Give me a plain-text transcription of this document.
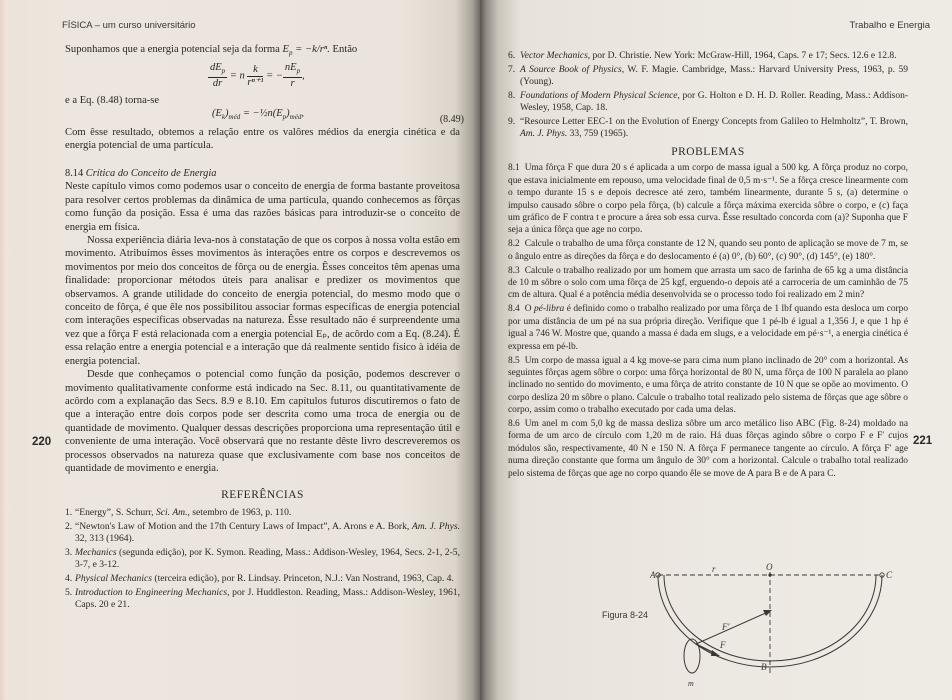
FÍSICA – um curso universitário
220
Suponhamos que a energia potencial seja da forma $E_p = -k/r^n$. Então
$\frac{dE_p}{dr} = n \frac{k}{\text{rⁿ⁺¹}}$ = − $\frac{nE_p}{r}$ ,
e a Eq. (8.48) torna-se
$(E_k)_{méd}$ = $-\frac{1}{2}n(E_p)_{méd}$,
(8.49)
Com êsse resultado, obtemos a relação entre os valôres médios da energia cinética e da energia potencial de uma partícula.
8.14 Crítica do Conceito de Energia

Neste capítulo vimos como podemos usar o conceito de energia de forma bastante proveitosa para resolver certos problemas da dinâmica de uma partícula, quando conhecemos as fôrças como função da posição. Essa é uma das razões básicas para introduzir-se o conceito de energia em física.

Nossa experiência diária leva-nos à constatação de que os corpos à nossa volta estão em movimento. Atribuímos êsses movimentos às interações entre os corpos e descrevemos os movimentos por meio dos conceitos de fôrça ou de energia. Êsses conceitos têm apenas uma finalidade: proporcionar métodos úteis para analisar e predizer os movimentos que observamos. A grande utilidade do conceito de energia potencial, do mesmo modo que o conceito de fôrça, é que êle nos possibilitou associar formas específicas de energia potencial com interações específicas observadas na natureza. Êsse resultado não é surpreendente uma vez que a fôrça F está relacionada com a energia potencial Eₚ, de acôrdo com a Eq. (8.24). É essa relação entre a energia potencial e a interação que dá realmente sentido físico à idéia de energia potencial.

Desde que conheçamos o potencial como função da posição, podemos descrever o movimento qualitativamente conforme está indicado na Sec. 8.11, ou quantitativamente de acôrdo com a explanação das Secs. 8.9 e 8.10. Em capítulos futuros discutiremos o fato de que a interação entre dois corpos pode ser descrita como uma troca de energia ou de quantidade de movimento. Qualquer dessas descrições proporciona uma representação útil e conveniente de uma interação. Você observará que no restante dêste livro descreveremos os processos observados na natureza quase que exclusivamente com base nos conceitos de quantidade de movimento e energia.

REFERÊNCIAS
1. “Energy”, S. Schurr, Sci. Am., setembro de 1963, p. 110.
2. “Newton's Law of Motion and the 17th Century Laws of Impact”, A. Arons e A. Bork, Am. J. Phys. 32, 313 (1964).
3. Mechanics (segunda edição), por K. Symon. Reading, Mass.: Addison-Wesley, 1964, Secs. 2-1, 2-5, 3-7, e 3-12.
4. Physical Mechanics (terceira edição), por R. Lindsay. Princeton, N.J.: Van Nostrand, 1963, Cap. 4.
5. Introduction to Engineering Mechanics, por J. Huddleston. Reading, Mass.: Addison-Wesley, 1961, Caps. 20 e 21.
Trabalho e Energia
221
6. Vector Mechanics, por D. Christie. New York: McGraw-Hill, 1964, Caps. 7 e 17; Secs. 12.6 e 12.8.
7. A Source Book of Physics, W. F. Magie. Cambridge, Mass.: Harvard University Press, 1963, p. 59 (Young).
8. Foundations of Modern Physical Science, por G. Holton e D. H. D. Roller. Reading, Mass.: Addison-Wesley, 1958, Cap. 18.
9. “Resource Letter EEC-1 on the Evolution of Energy Concepts from Galileo to Helmholtz”, T. Brown, Am. J. Phys. 33, 759 (1965).
PROBLEMAS

8.1 Uma fôrça F que dura 20 s é aplicada a um corpo de massa igual a 500 kg. A fôrça produz no corpo, que estava inicialmente em repouso, uma velocidade final de 0,5 m·s⁻¹. Se a fôrça cresce linearmente com o tempo durante 15 s e depois decresce até zero, também linearmente, durante 5 s, (a) determine o impulso causado sôbre o corpo pela fôrça, (b) calcule a fôrça máxima exercida sôbre o corpo, e (c) faça um gráfico de F contra t e procure a área sob essa curva. Êsse resultado concorda com (a)? Suponha que F seja a única fôrça que age no corpo.

8.2 Calcule o trabalho de uma fôrça constante de 12 N, quando seu ponto de aplicação se move de 7 m, se o ângulo entre as direções da fôrça e do deslocamento é (a) 0°, (b) 60°, (c) 90°, (d) 145°, (e) 180°.

8.3 Calcule o trabalho realizado por um homem que arrasta um saco de farinha de 65 kg a uma distância de 10 m sôbre o solo com uma fôrça de 25 kgf, erguendo-o depois até a carroceria de um caminhão de 75 cm de altura. Qual é a potência média desenvolvida se o processo todo foi realizado em 2 min?

8.4 O pé-libra é definido como o trabalho realizado por uma fôrça de 1 lbf quando esta desloca um corpo por uma distância de um pé na sua própria direção. Verifique que 1 pé-lb é igual a 1,356 J, e que 1 hp é igual a 746 W. Mostre que, quando a massa é dada em slugs, e a velocidade em pé·s⁻¹, a energia cinética é expressa em pé-lb.

8.5 Um corpo de massa igual a 4 kg move-se para cima num plano inclinado de 20° com a horizontal. As seguintes fôrças agem sôbre o corpo: uma fôrça horizontal de 80 N, uma fôrça de 100 N paralela ao plano inclinado no sentido do movimento, e uma fôrça de atrito constante de 10 N que se opõe ao movimento. O corpo desliza 20 m sôbre o plano. Calcule o trabalho total realizado pelo sistema de fôrças que age sôbre o corpo, assim como o trabalho executado por cada uma delas.

8.6 Um anel m com 5,0 kg de massa desliza sôbre um arco metálico liso ABC (Fig. 8-24) moldado na forma de um arco de círculo com 1,20 m de raio. Há duas fôrças agindo sôbre o corpo F e F′ cujos módulos são, respectivamente, 40 N e 150 N. A fôrça F permanece tangente ao círculo. A fôrça F′ age numa direção constante que forma um ângulo de 30° com a horizontal. Calcule o trabalho total realizado pelo sistema de fôrças que age no corpo quando êle se move de A para B e de A para C.

Figura 8-24
A	C
O
r
B
F
F′
m
